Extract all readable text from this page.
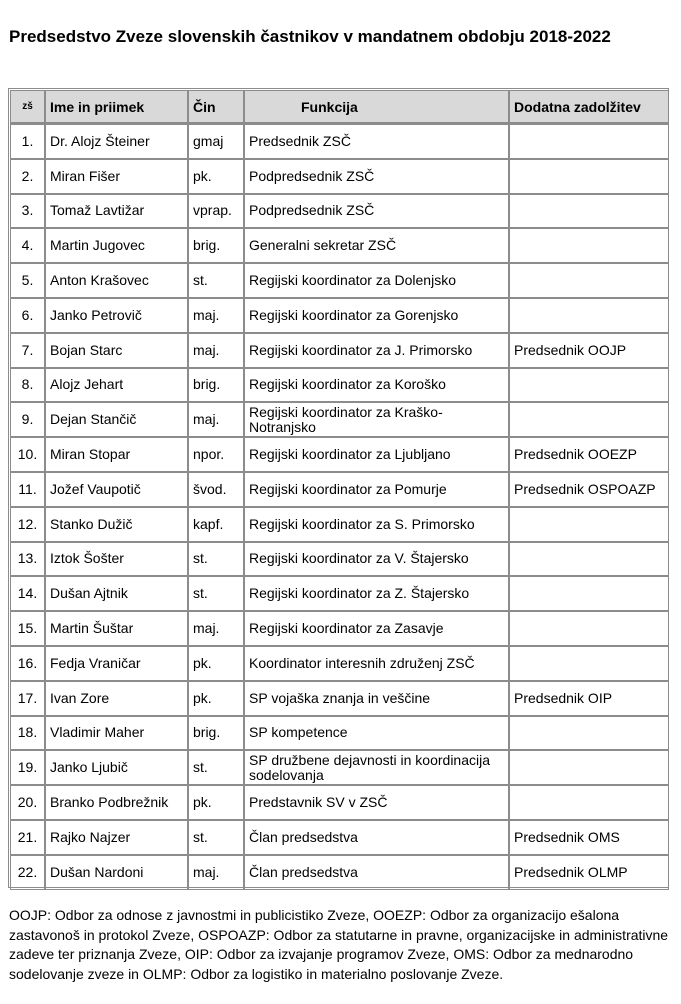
Predsedstvo Zveze slovenskih častnikov v mandatnem obdobju 2018-2022
zš	Ime in priimek	Čin	Funkcija	Dodatna zadolžitev
1.	Dr. Alojz Šteiner	gmaj	Predsednik ZSČ	
2.	Miran Fišer	pk.	Podpredsednik ZSČ	
3.	Tomaž Lavtižar	vprap.	Podpredsednik ZSČ	
4.	Martin Jugovec	brig.	Generalni sekretar ZSČ	
5.	Anton Krašovec	st.	Regijski koordinator za Dolenjsko	
6.	Janko Petrovič	maj.	Regijski koordinator za Gorenjsko	
7.	Bojan Starc	maj.	Regijski koordinator za J. Primorsko	Predsednik OOJP
8.	Alojz Jehart	brig.	Regijski koordinator za Koroško	
9.	Dejan Stančič	maj.	Regijski koordinator za Kraško-Notranjsko	
10.	Miran Stopar	npor.	Regijski koordinator za Ljubljano	Predsednik OOEZP
11.	Jožef Vaupotič	švod.	Regijski koordinator za Pomurje	Predsednik OSPOAZP
12.	Stanko Dužič	kapf.	Regijski koordinator za S. Primorsko	
13.	Iztok Šošter	st.	Regijski koordinator za V. Štajersko	
14.	Dušan Ajtnik	st.	Regijski koordinator za Z. Štajersko	
15.	Martin Šuštar	maj.	Regijski koordinator za Zasavje	
16.	Fedja Vraničar	pk.	Koordinator interesnih združenj ZSČ	
17.	Ivan Zore	pk.	SP vojaška znanja in veščine	Predsednik OIP
18.	Vladimir Maher	brig.	SP kompetence	
19.	Janko Ljubič	st.	SP družbene dejavnosti in koordinacija sodelovanja	
20.	Branko Podbrežnik	pk.	Predstavnik SV v ZSČ	
21.	Rajko Najzer	st.	Član predsedstva	Predsednik OMS
22.	Dušan Nardoni	maj.	Član predsedstva	Predsednik OLMP
OOJP: Odbor za odnose z javnostmi in publicistiko Zveze, OOEZP: Odbor za organizacijo ešalona zastavonoš in protokol Zveze, OSPOAZP: Odbor za statutarne in pravne, organizacijske in administrativne zadeve ter priznanja Zveze, OIP: Odbor za izvajanje programov Zveze, OMS: Odbor za mednarodno sodelovanje zveze in OLMP: Odbor za logistiko in materialno poslovanje Zveze.
